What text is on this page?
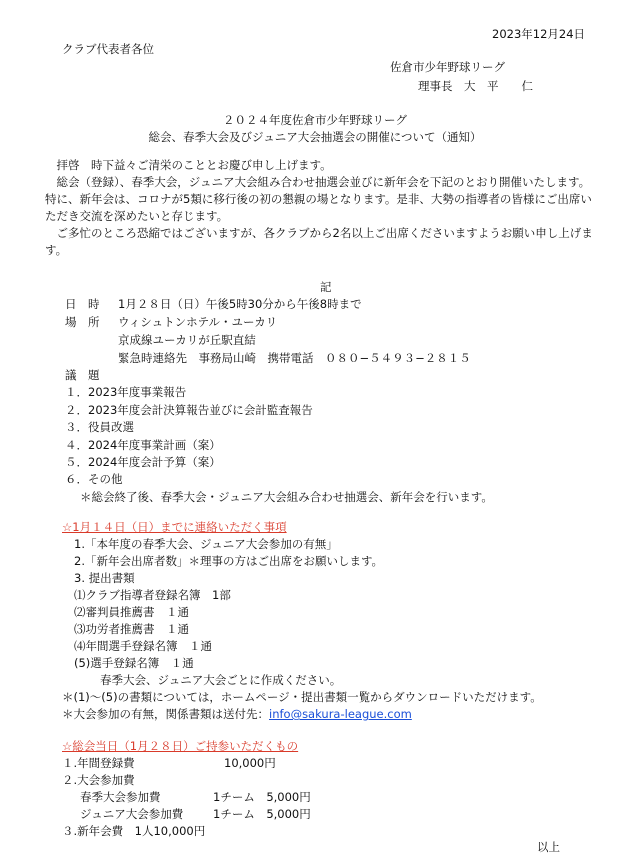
2023年12月24日
クラブ代表者各位
佐倉市少年野球リーグ
理事長　大　平　　仁
２０２４年度佐倉市少年野球リーグ
総会、春季大会及びジュニア大会抽選会の開催について（通知）
　拝啓　時下益々ご清栄のこととお慶び申し上げます。
　総会（登録）、春季大会，ジュニア大会組み合わせ抽選会並びに新年会を下記のとおり開催いたします。特に、新年会は、コロナが5類に移行後の初の懇親の場となります。是非、大勢の指導者の皆様にご出席いただき交流を深めたいと存じます。
　ご多忙のところ恐縮ではございますが、各クラブから2名以上ご出席くださいますようお願い申し上げます。
記
日　時 1月２８日（日）午後5時30分から午後8時まで
場　所 ウィシュトンホテル・ユーカリ
京成線ユーカリが丘駅直結
緊急時連絡先　事務局山崎　携帯電話　０８０−５４９３−２８１５
議　題
１．2023年度事業報告
２．2023年度会計決算報告並びに会計監査報告
３．役員改選
４．2024年度事業計画（案）
５．2024年度会計予算（案）
６．その他
＊総会終了後、春季大会・ジュニア大会組み合わせ抽選会、新年会を行います。
☆1月１４日（日）までに連絡いただく事項
1.「本年度の春季大会、ジュニア大会参加の有無」
2.「新年会出席者数」＊理事の方はご出席をお願いします。
3. 提出書類
⑴クラブ指導者登録名簿　1部
⑵審判員推薦書　１通
⑶功労者推薦書　１通
⑷年間選手登録名簿　１通
(5)選手登録名簿　１通
春季大会、ジュニア大会ごとに作成ください。
＊(1)〜(5)の書類については，ホームページ・提出書類一覧からダウンロードいただけます。
＊大会参加の有無，関係書類は送付先：info@sakura-league.com
☆総会当日（1月２８日）ご持参いただくもの
１.年間登録費	10,000円
２.大会参加費
春季大会参加費	1チーム　5,000円
ジュニア大会参加費	1チーム　5,000円
３.新年会費　1人10,000円
以上
